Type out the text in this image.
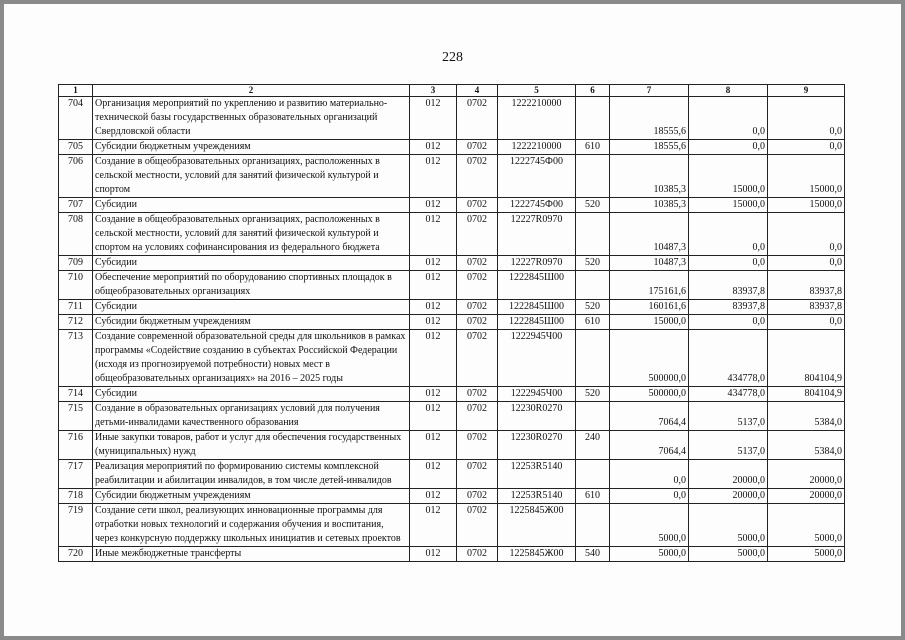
228
1	2	3	4	5	6	7	8	9
704	Организация мероприятий по укреплению и развитию материально-технической базы государственных образовательных организаций Свердловской области	012	0702	1222210000		18555,6	0,0	0,0
705	Субсидии бюджетным учреждениям	012	0702	1222210000	610	18555,6	0,0	0,0
706	Создание в общеобразовательных организациях, расположенных в сельской местности, условий для занятий физической культурой и спортом	012	0702	1222745Ф00		10385,3	15000,0	15000,0
707	Субсидии	012	0702	1222745Ф00	520	10385,3	15000,0	15000,0
708	Создание в общеобразовательных организациях, расположенных в сельской местности, условий для занятий физической культурой и спортом на условиях софинансирования из федерального бюджета	012	0702	12227R0970		10487,3	0,0	0,0
709	Субсидии	012	0702	12227R0970	520	10487,3	0,0	0,0
710	Обеспечение мероприятий по оборудованию спортивных площадок в общеобразовательных организациях	012	0702	1222845Ш00		175161,6	83937,8	83937,8
711	Субсидии	012	0702	1222845Ш00	520	160161,6	83937,8	83937,8
712	Субсидии бюджетным учреждениям	012	0702	1222845Ш00	610	15000,0	0,0	0,0
713	Создание современной образовательной среды для школьников в рамках программы «Содействие созданию в субъектах Российской Федерации (исходя из прогнозируемой потребности) новых мест в общеобразовательных организациях» на 2016 – 2025 годы	012	0702	1222945Ч00		500000,0	434778,0	804104,9
714	Субсидии	012	0702	1222945Ч00	520	500000,0	434778,0	804104,9
715	Создание в образовательных организациях условий для получения детьми-инвалидами качественного образования	012	0702	12230R0270		7064,4	5137,0	5384,0
716	Иные закупки товаров, работ и услуг для обеспечения государственных (муниципальных) нужд	012	0702	12230R0270	240	7064,4	5137,0	5384,0
717	Реализация мероприятий по формированию системы комплексной реабилитации и абилитации инвалидов, в том числе детей-инвалидов	012	0702	12253R5140		0,0	20000,0	20000,0
718	Субсидии бюджетным учреждениям	012	0702	12253R5140	610	0,0	20000,0	20000,0
719	Создание сети школ, реализующих инновационные программы для отработки новых технологий и содержания обучения и воспитания, через конкурсную поддержку школьных инициатив и сетевых проектов	012	0702	1225845Ж00		5000,0	5000,0	5000,0
720	Иные межбюджетные трансферты	012	0702	1225845Ж00	540	5000,0	5000,0	5000,0
